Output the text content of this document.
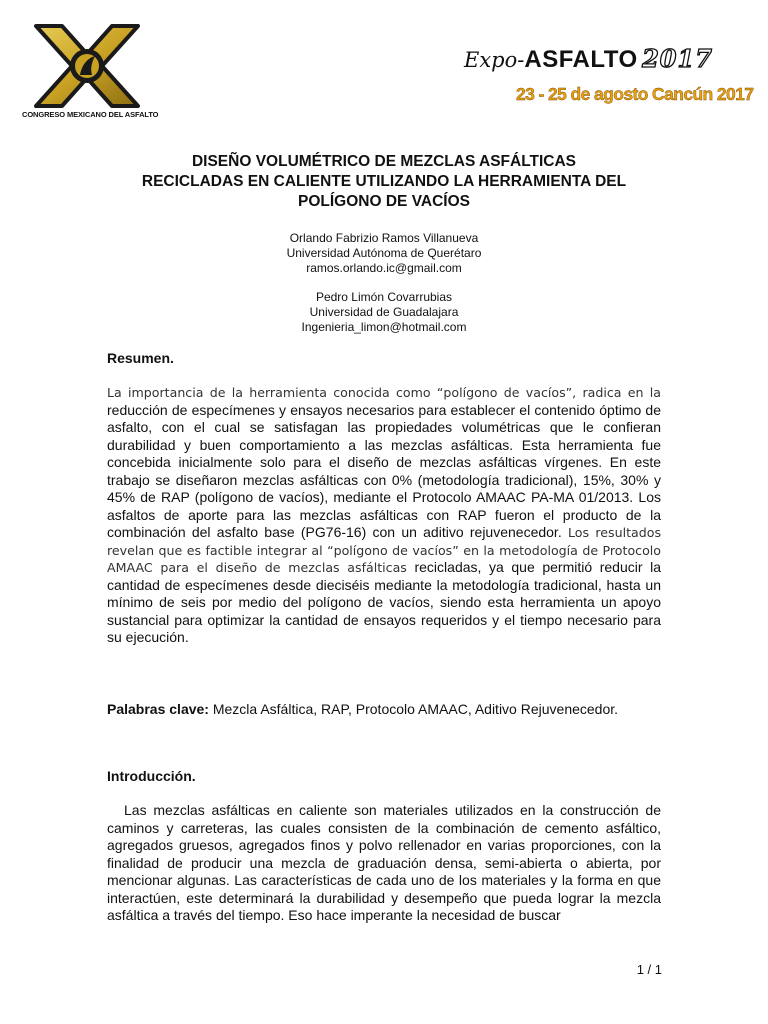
CONGRESO MEXICANO DEL ASFALTO
Expo-ASFALTO 2017
23 - 25 de agosto Cancún 2017
DISEÑO VOLUMÉTRICO DE MEZCLAS ASFÁLTICAS
RECICLADAS EN CALIENTE UTILIZANDO LA HERRAMIENTA DEL
POLÍGONO DE VACÍOS
Orlando Fabrizio Ramos Villanueva
Universidad Autónoma de Querétaro
ramos.orlando.ic@gmail.com
Pedro Limón Covarrubias
Universidad de Guadalajara
Ingenieria_limon@hotmail.com
Resumen.
La importancia de la herramienta conocida como “polígono de vacíos”, radica en la reducción de especímenes y ensayos necesarios para establecer el contenido óptimo de asfalto, con el cual se satisfagan las propiedades volumétricas que le confieran durabilidad y buen comportamiento a las mezclas asfálticas. Esta herramienta fue concebida inicialmente solo para el diseño de mezclas asfálticas vírgenes. En este trabajo se diseñaron mezclas asfálticas con 0% (metodología tradicional), 15%, 30% y 45% de RAP (polígono de vacíos), mediante el Protocolo AMAAC PA-MA 01/2013. Los asfaltos de aporte para las mezclas asfálticas con RAP fueron el producto de la combinación del asfalto base (PG76-16) con un aditivo rejuvenecedor. Los resultados revelan que es factible integrar al “polígono de vacíos” en la metodología de Protocolo AMAAC para el diseño de mezclas asfálticas recicladas, ya que permitió reducir la cantidad de especímenes desde dieciséis mediante la metodología tradicional, hasta un mínimo de seis por medio del polígono de vacíos, siendo esta herramienta un apoyo sustancial para optimizar la cantidad de ensayos requeridos y el tiempo necesario para su ejecución.
Palabras clave: Mezcla Asfáltica, RAP, Protocolo AMAAC, Aditivo Rejuvenecedor.
Introducción.
Las mezclas asfálticas en caliente son materiales utilizados en la construcción de caminos y carreteras, las cuales consisten de la combinación de cemento asfáltico, agregados gruesos, agregados finos y polvo rellenador en varias proporciones, con la finalidad de producir una mezcla de graduación densa, semi-abierta o abierta, por mencionar algunas. Las características de cada uno de los materiales y la forma en que interactúen, este determinará la durabilidad y desempeño que pueda lograr la mezcla asfáltica a través del tiempo. Eso hace imperante la necesidad de buscar
1 / 1
